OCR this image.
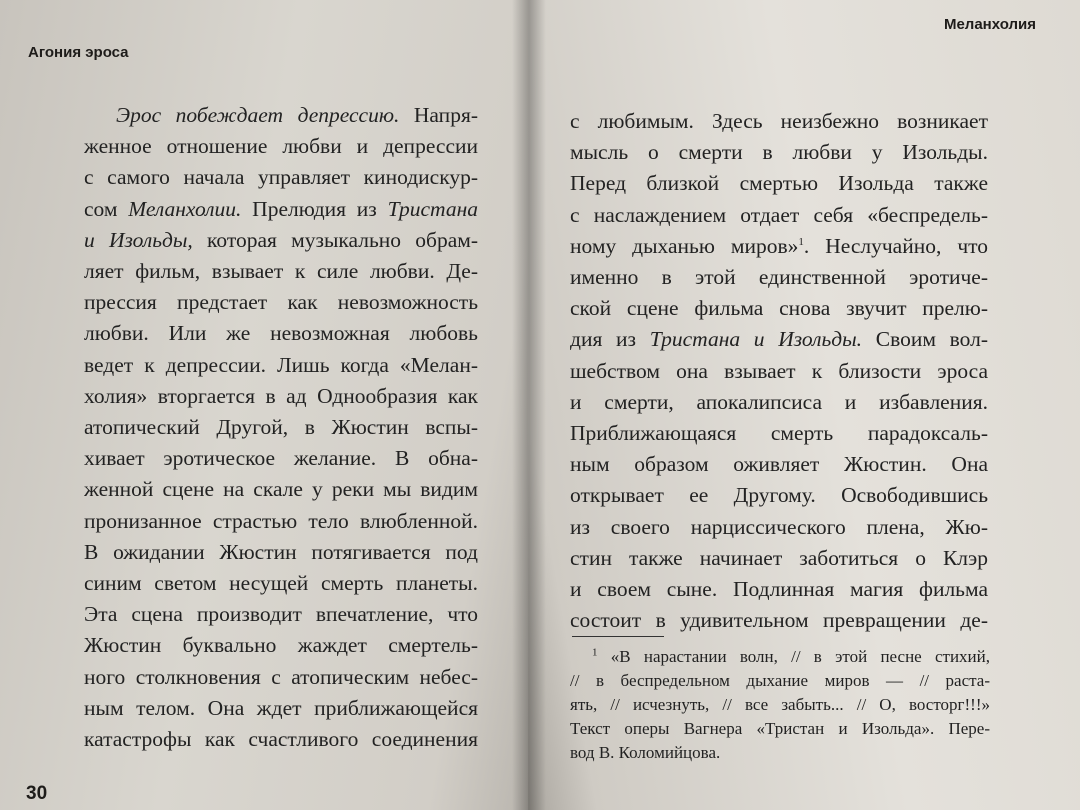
Агония эроса
Эрос побеждает депрессию. Напря-
женное отношение любви и депрессии
с самого начала управляет кинодискур-
сом Меланхолии. Прелюдия из Тристана
и Изольды, которая музыкально обрам-
ляет фильм, взывает к силе любви. Де-
прессия предстает как невозможность
любви. Или же невозможная любовь
ведет к депрессии. Лишь когда «Мелан-
холия» вторгается в ад Однообразия как
атопический Другой, в Жюстин вспы-
хивает эротическое желание. В обна-
женной сцене на скале у реки мы видим
пронизанное страстью тело влюбленной.
В ожидании Жюстин потягивается под
синим светом несущей смерть планеты.
Эта сцена производит впечатление, что
Жюстин буквально жаждет смертель-
ного столкновения с атопическим небес-
ным телом. Она ждет приближающейся
катастрофы как счастливого соединения
30
Меланхолия
с любимым. Здесь неизбежно возникает
мысль о смерти в любви у Изольды.
Перед близкой смертью Изольда также
с наслаждением отдает себя «беспредель-
ному дыханью миров»$^1$. Неслучайно, что
именно в этой единственной эротиче-
ской сцене фильма снова звучит прелю-
дия из Тристана и Изольды. Своим вол-
шебством она взывает к близости эроса
и смерти, апокалипсиса и избавления.
Приближающаяся смерть парадоксаль-
ным образом оживляет Жюстин. Она
открывает ее Другому. Освободившись
из своего нарциссического плена, Жю-
стин также начинает заботиться о Клэр
и своем сыне. Подлинная магия фильма
состоит в удивительном превращении де-
$^1$ «В нарастании волн, // в этой песне стихий,
// в беспредельном дыхание миров — // раста-
ять, // исчезнуть, // все забыть... // О, восторг!!!»
Текст оперы Вагнера «Тристан и Изольда». Пере-
вод В. Коломийцова.
